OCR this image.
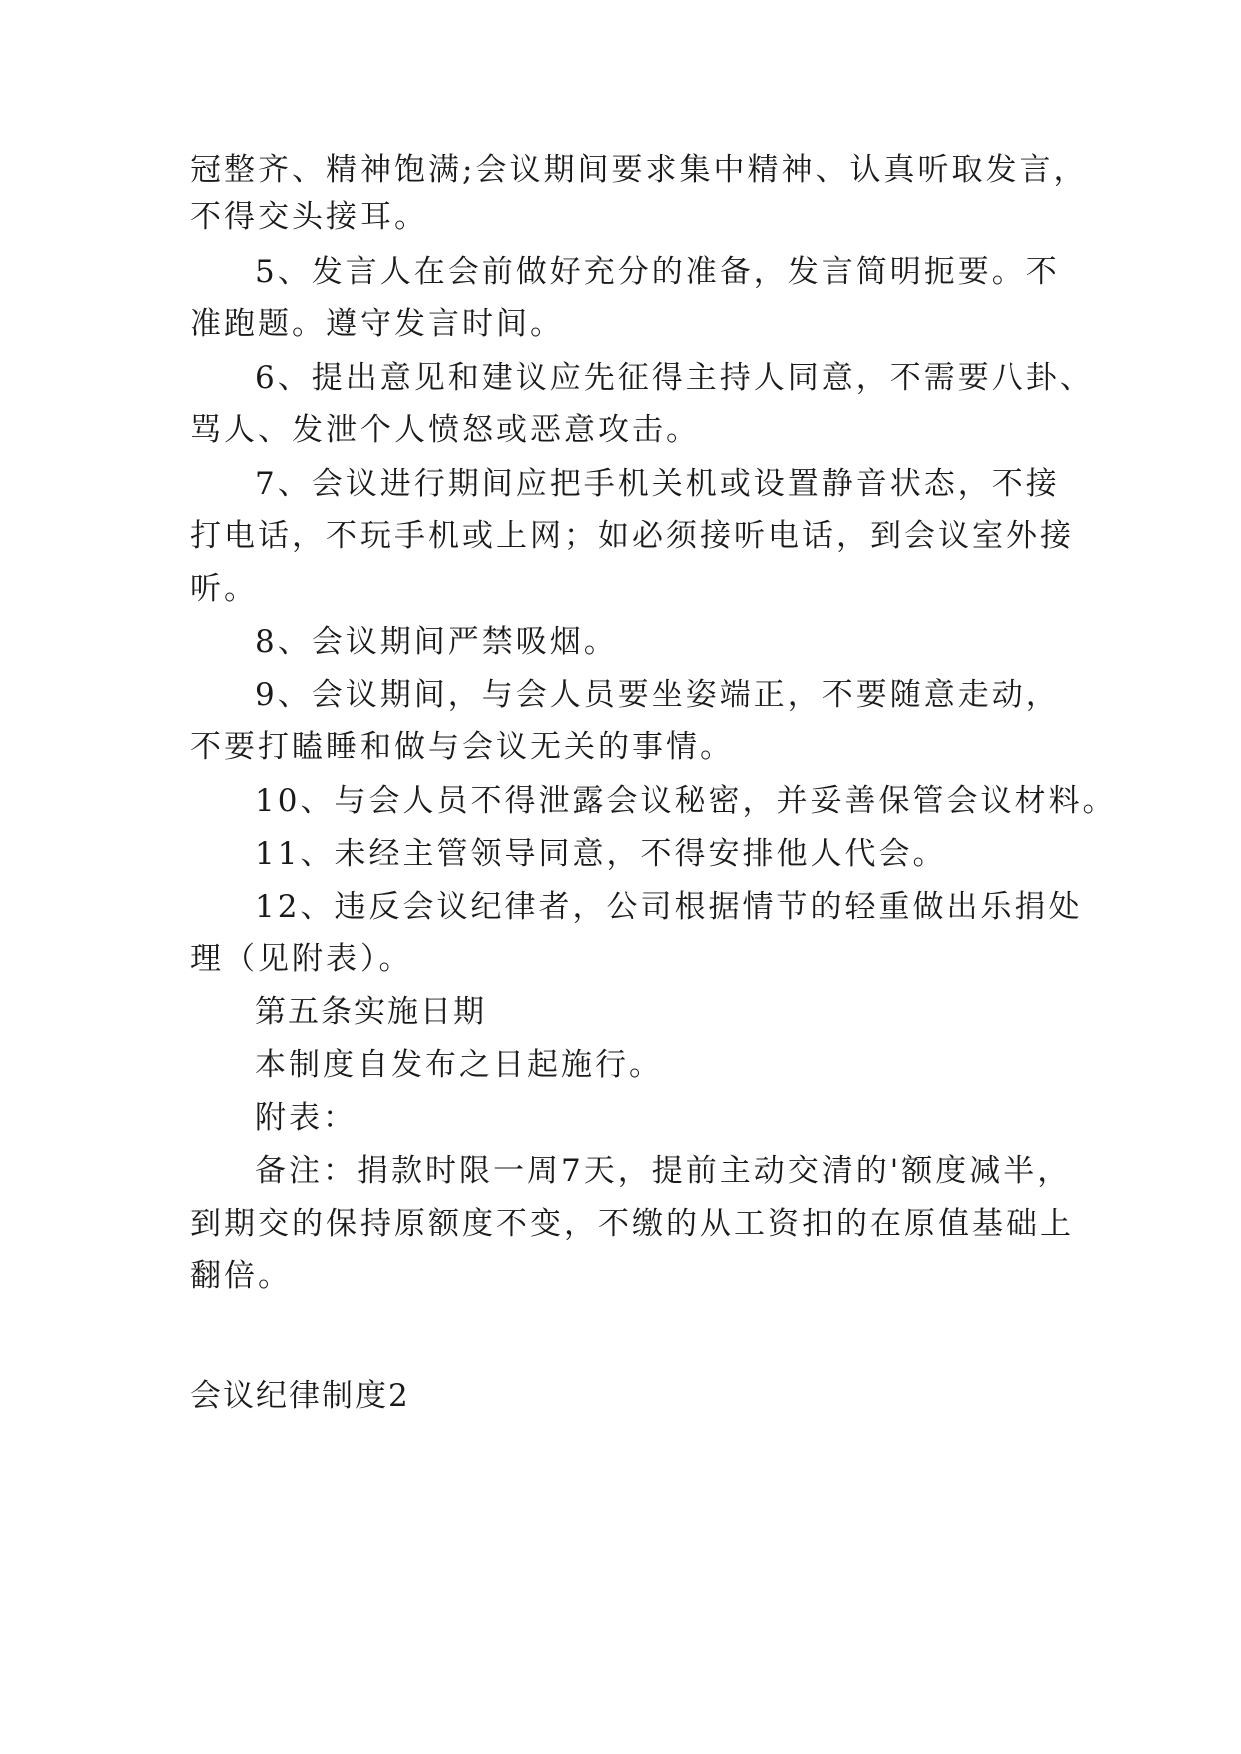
冠整齐、精神饱满;会议期间要求集中精神、认真听取发言，
不得交头接耳。
5、发言人在会前做好充分的准备，发言简明扼要。不
准跑题。遵守发言时间。
6、提出意见和建议应先征得主持人同意，不需要八卦、
骂人、发泄个人愤怒或恶意攻击。
7、会议进行期间应把手机关机或设置静音状态，不接
打电话，不玩手机或上网；如必须接听电话，到会议室外接
听。
8、会议期间严禁吸烟。
9、会议期间，与会人员要坐姿端正，不要随意走动，
不要打瞌睡和做与会议无关的事情。
10、与会人员不得泄露会议秘密，并妥善保管会议材料。
11、未经主管领导同意，不得安排他人代会。
12、违反会议纪律者，公司根据情节的轻重做出乐捐处
理（见附表）。
第五条实施日期
本制度自发布之日起施行。
附表：
备注：捐款时限一周7天，提前主动交清的'额度减半，
到期交的保持原额度不变，不缴的从工资扣的在原值基础上
翻倍。
会议纪律制度2
